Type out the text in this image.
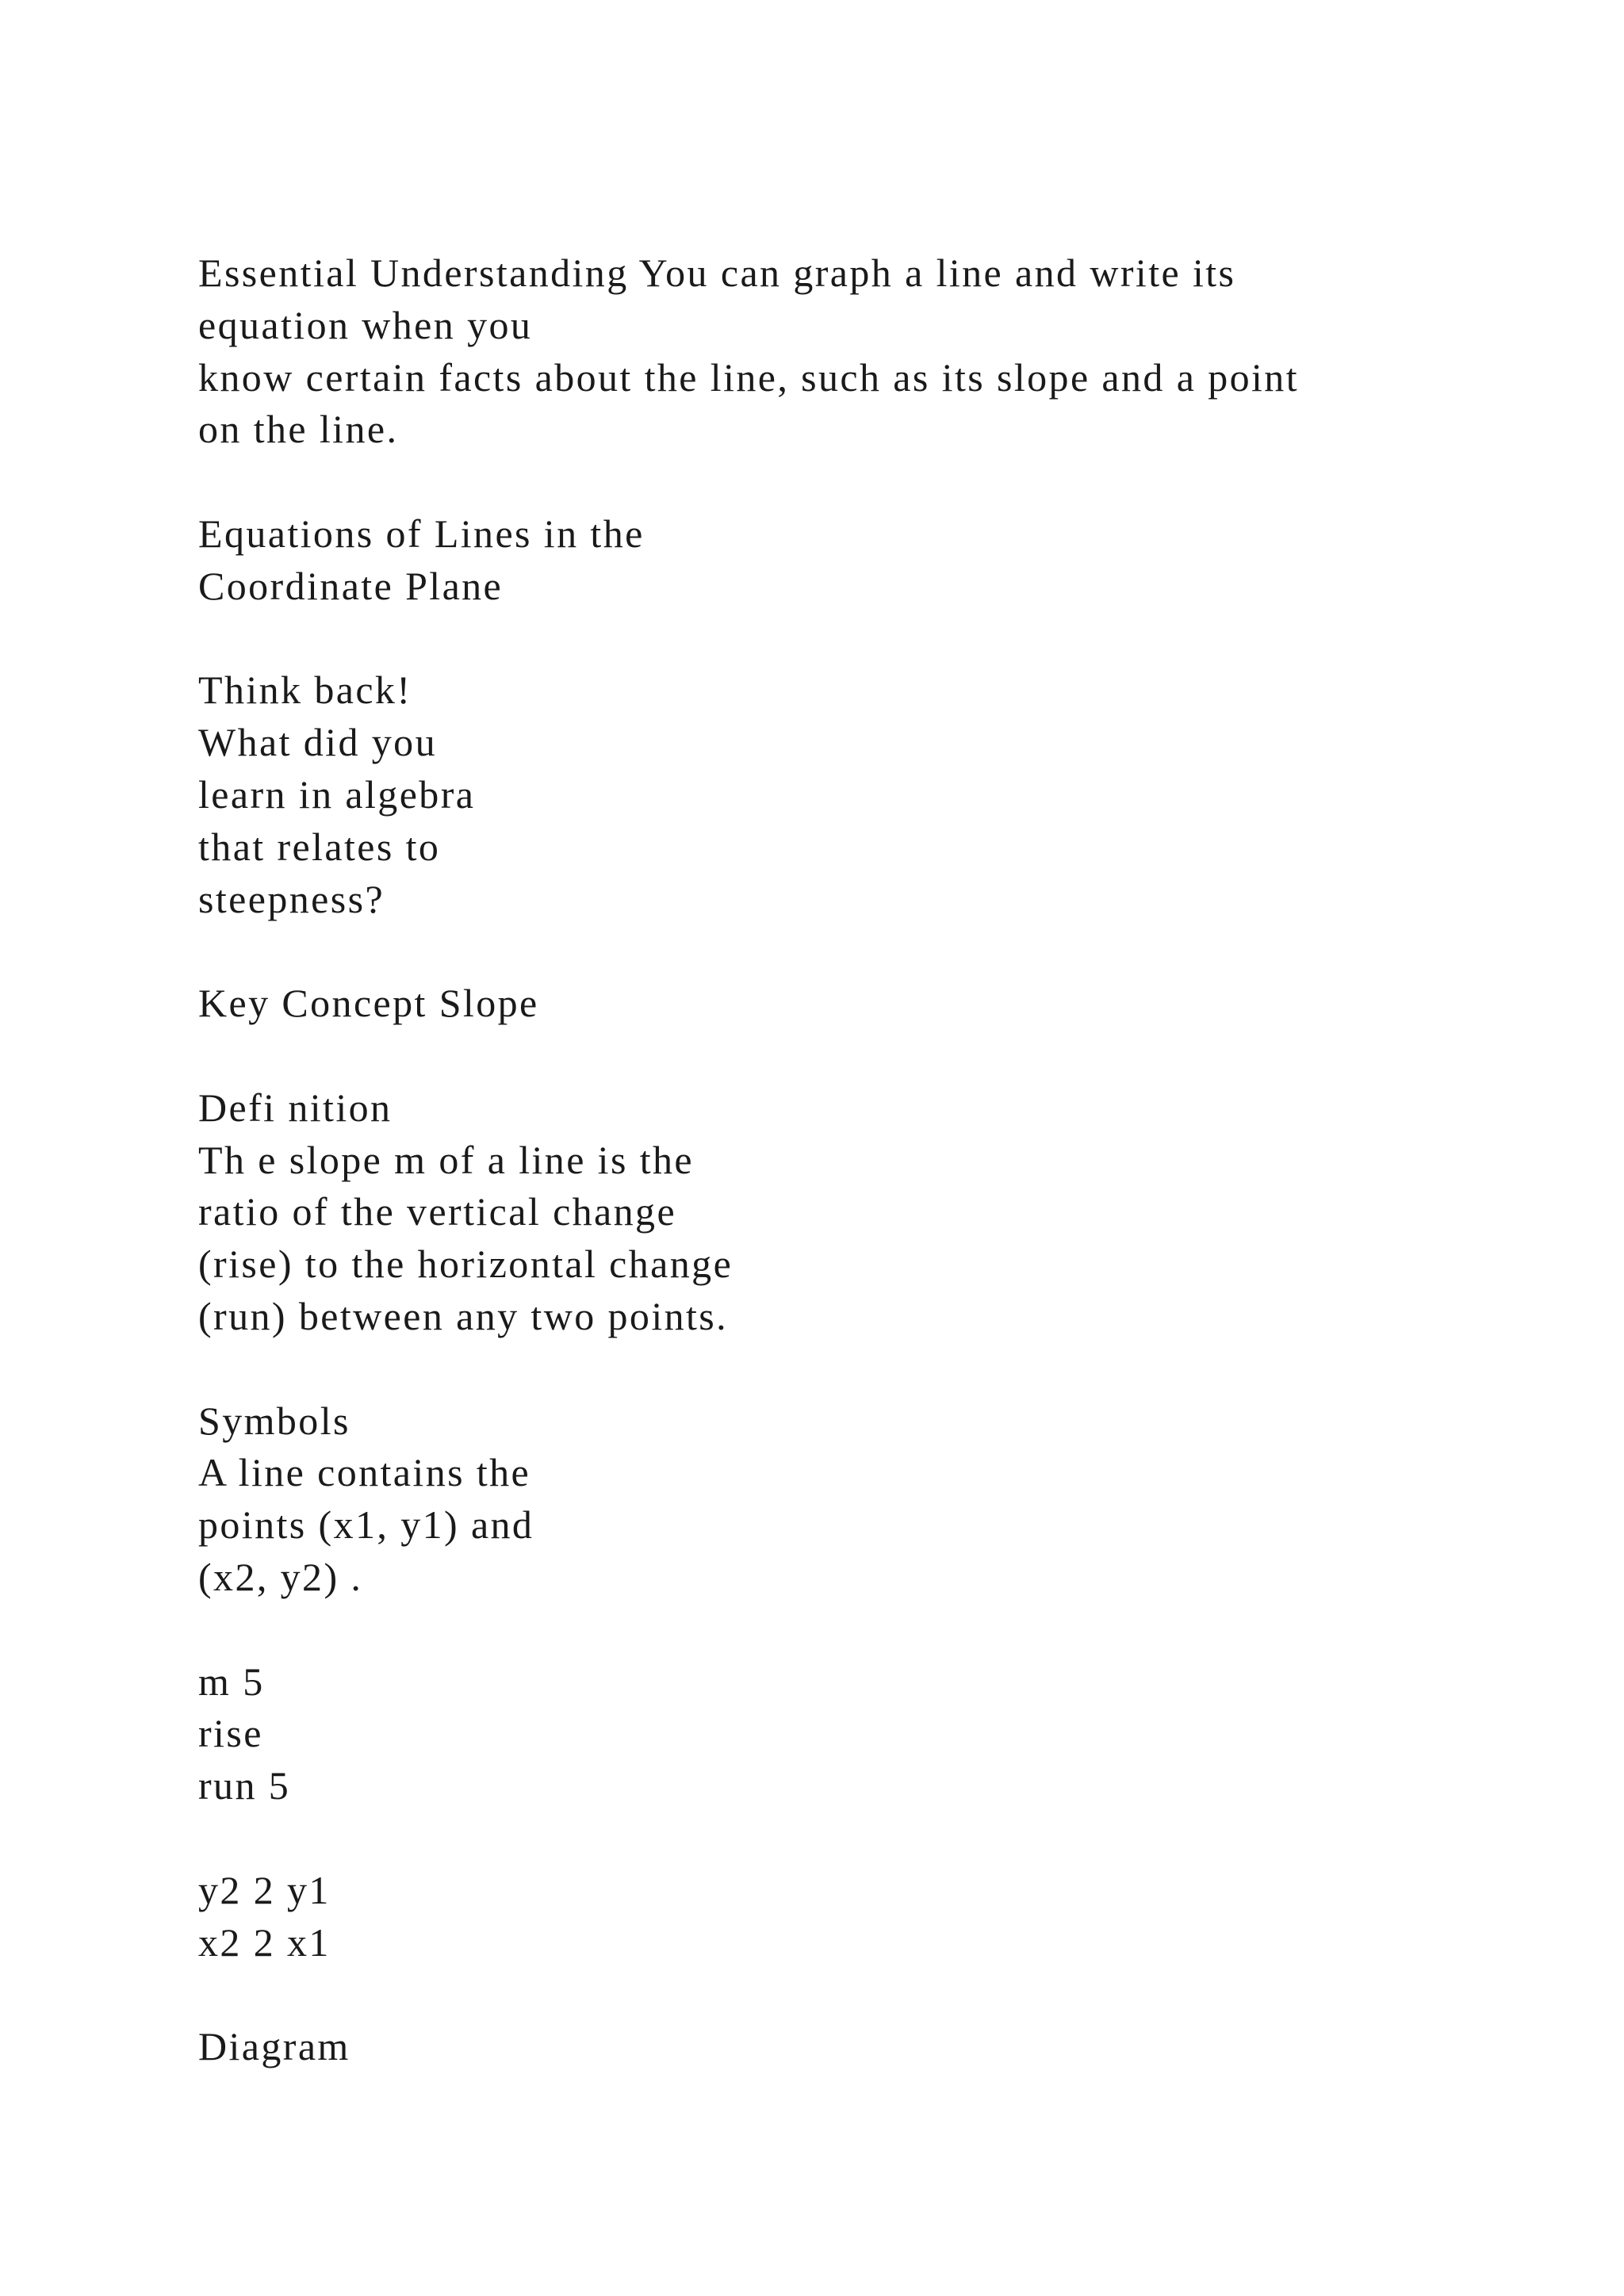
Essential Understanding You can graph a line and write its
equation when you
know certain facts about the line, such as its slope and a point
on the line.
Equations of Lines in the
Coordinate Plane
Think back!
What did you
learn in algebra
that relates to
steepness?
Key Concept Slope
Defi nition
Th e slope m of a line is the
ratio of the vertical change
(rise) to the horizontal change
(run) between any two points.
Symbols
A line contains the
points (x1, y1) and
(x2, y2) .
m 5
rise
run 5
y2 2 y1
x2 2 x1
Diagram
